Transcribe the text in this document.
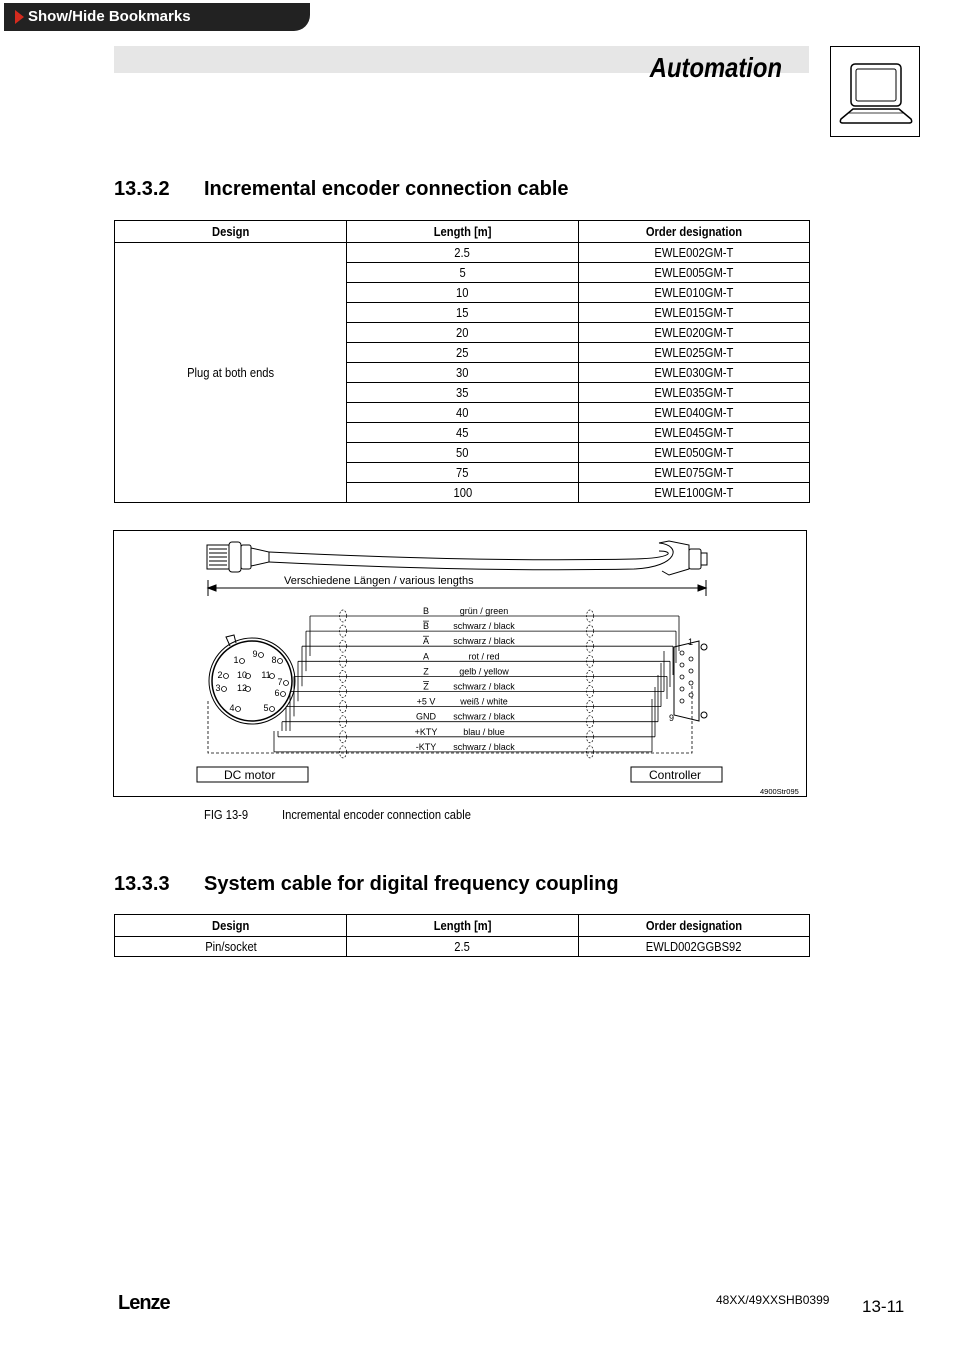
Show/Hide Bookmarks
Automation
13.3.2 Incremental encoder connection cable
Design	Length [m]	Order designation
Plug at both ends	2.5	EWLE002GM-T
	5	EWLE005GM-T
	10	EWLE010GM-T
	15	EWLE015GM-T
	20	EWLE020GM-T
	25	EWLE025GM-T
	30	EWLE030GM-T
	35	EWLE035GM-T
	40	EWLE040GM-T
	45	EWLE045GM-T
	50	EWLE050GM-T
	75	EWLE075GM-T
	100	EWLE100GM-T
Verschiedene Längen / various lengths
B	grün / green
B	schwarz / black
A	schwarz / black
A	rot / red
Z	gelb / yellow
Z	schwarz / black
+5 V	weiß / white
GND schwarz / black
+KTY	blau / blue
-KTY schwarz / black
1
9
8
2 10 11
7
3 12	6
4	5
1
9
DC motor	Controller
4900Str095
FIG 13-9	Incremental encoder connection cable
13.3.3 System cable for digital frequency coupling
Design	Length [m]	Order designation
Pin/socket	2.5	EWLD002GGBS92
Lenze	48XX/49XXSHB0399 13-11
